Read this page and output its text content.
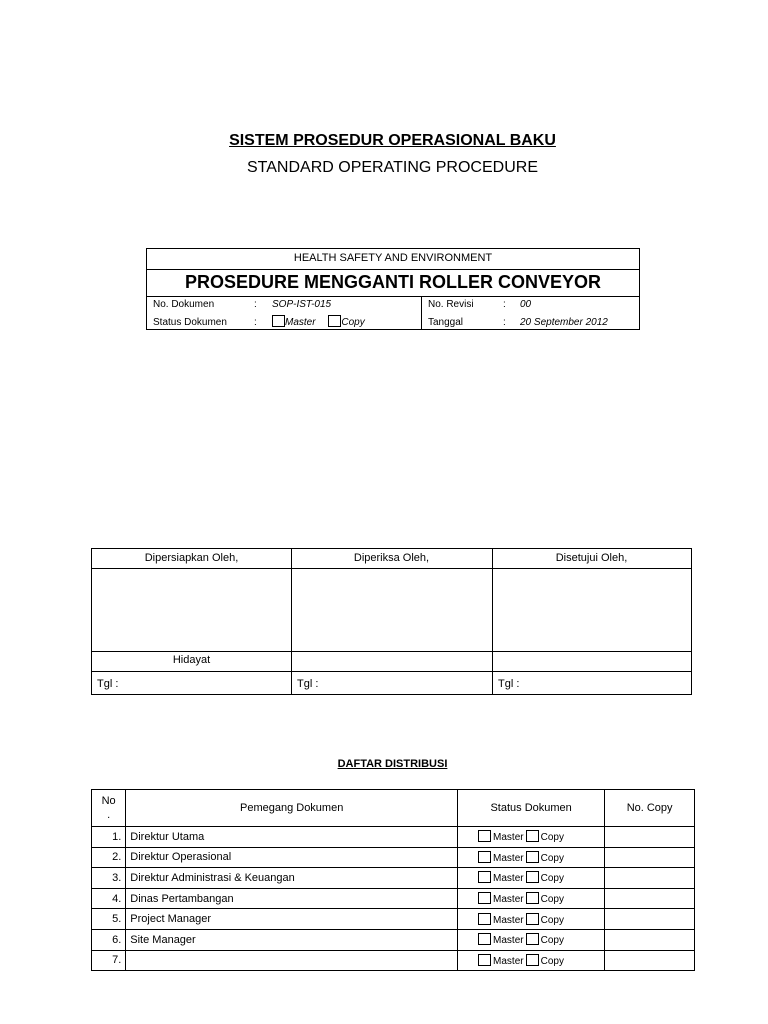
SISTEM PROSEDUR OPERASIONAL BAKU
STANDARD OPERATING PROCEDURE
HEALTH SAFETY AND ENVIRONMENT
PROSEDURE MENGGANTI ROLLER CONVEYOR
No. Dokumen	: SOP-IST-015
Status Dokumen	:	Master	Copy
No. Revisi	: 00
Tanggal	: 20 September 2012
Dipersiapkan Oleh,	Diperiksa Oleh,	Disetujui Oleh,
Hidayat
Tgl :	Tgl :	Tgl :
DAFTAR DISTRIBUSI
No
.	Pemegang Dokumen	Status Dokumen	No. Copy
1.	Direktur Utama	Master Copy	
2.	Direktur Operasional	Master Copy	
3.	Direktur Administrasi & Keuangan	Master Copy	
4.	Dinas Pertambangan	Master Copy	
5.	Project Manager	Master Copy	
6.	Site Manager	Master Copy	
7.		Master Copy	
